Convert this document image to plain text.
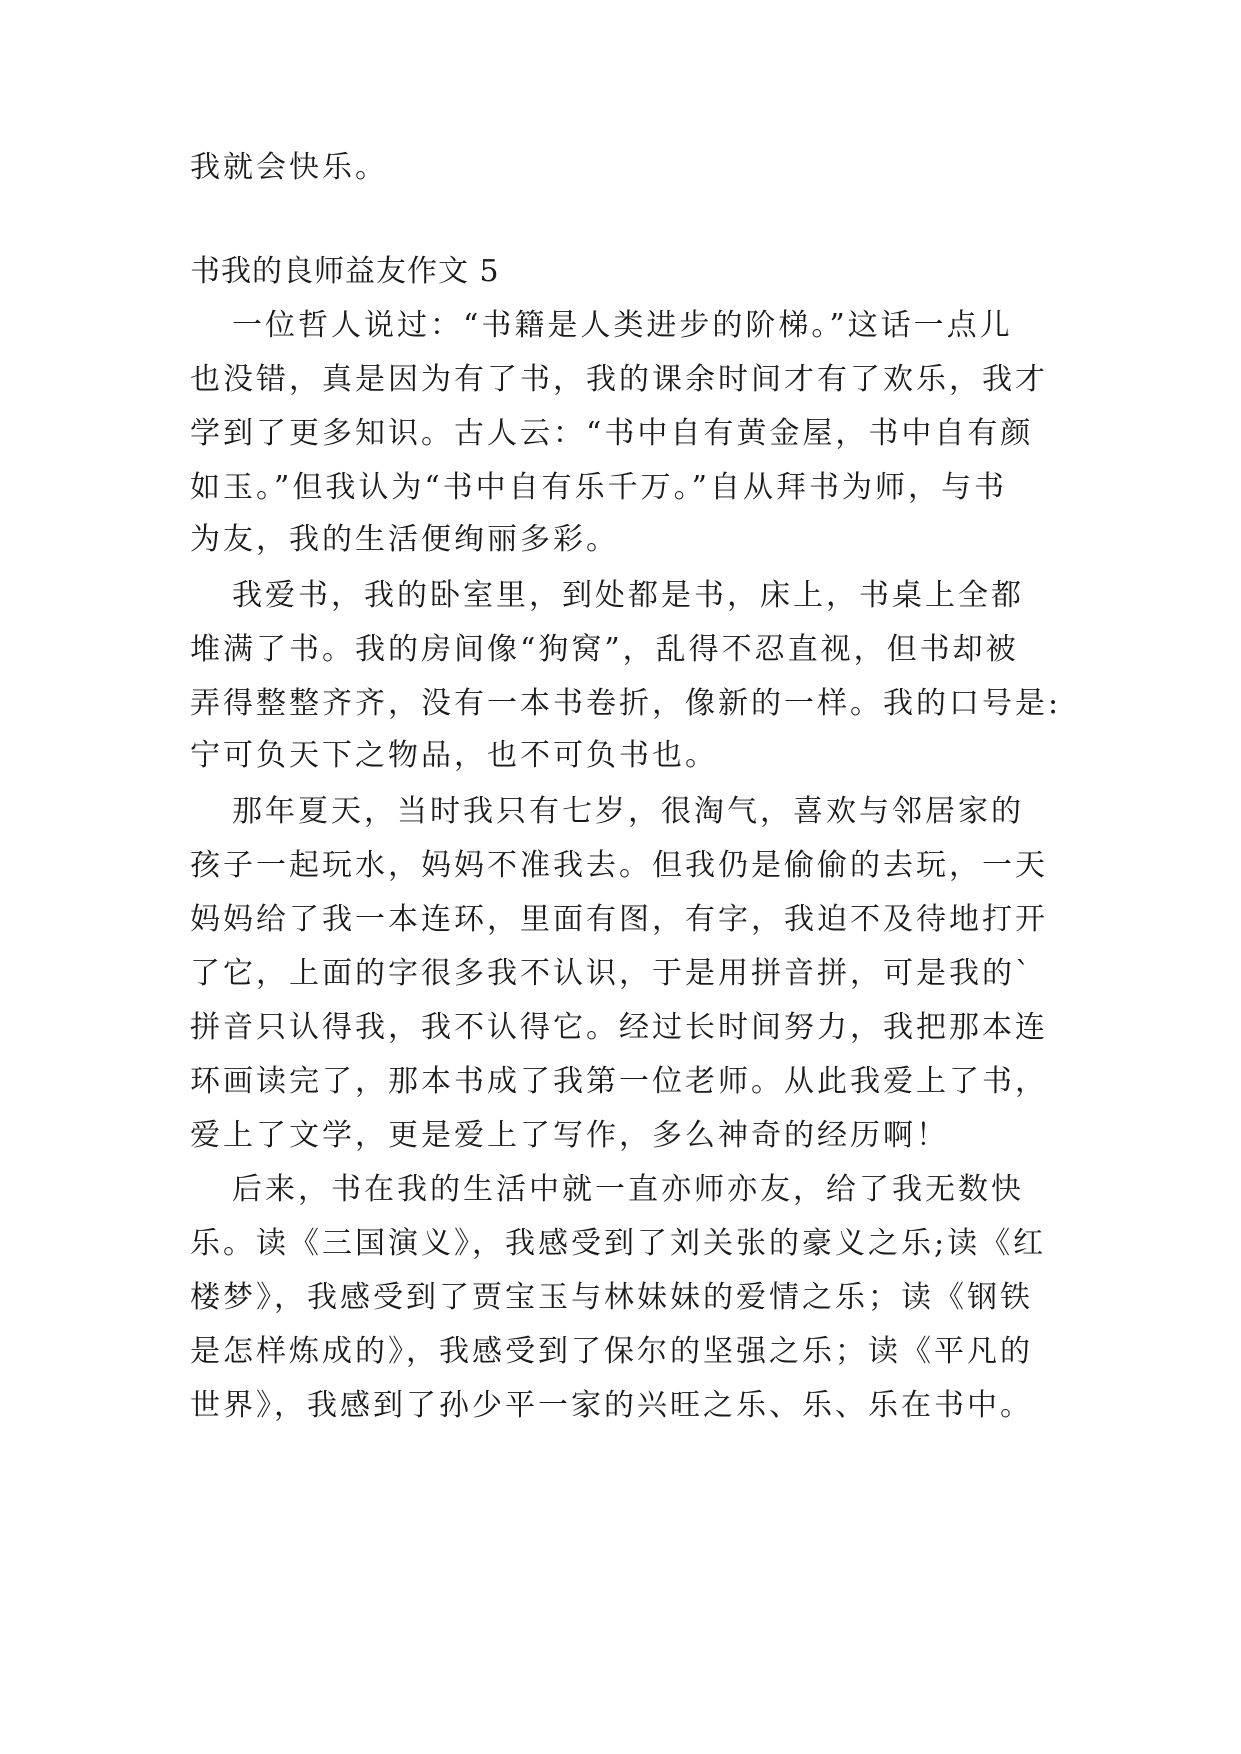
我就会快乐。
书我的良师益友作文 5
一位哲人说过：“书籍是人类进步的阶梯。”这话一点儿
也没错，真是因为有了书，我的课余时间才有了欢乐，我才
学到了更多知识。古人云：“书中自有黄金屋，书中自有颜
如玉。”但我认为“书中自有乐千万。”自从拜书为师，与书
为友，我的生活便绚丽多彩。
我爱书，我的卧室里，到处都是书，床上，书桌上全都
堆满了书。我的房间像“狗窝”，乱得不忍直视，但书却被
弄得整整齐齐，没有一本书卷折，像新的一样。我的口号是:
宁可负天下之物品，也不可负书也。
那年夏天，当时我只有七岁，很淘气，喜欢与邻居家的
孩子一起玩水，妈妈不准我去。但我仍是偷偷的去玩，一天
妈妈给了我一本连环，里面有图，有字，我迫不及待地打开
了它，上面的字很多我不认识，于是用拼音拼，可是我的`
拼音只认得我，我不认得它。经过长时间努力，我把那本连
环画读完了，那本书成了我第一位老师。从此我爱上了书，
爱上了文学，更是爱上了写作，多么神奇的经历啊！
后来，书在我的生活中就一直亦师亦友，给了我无数快
乐。读《三国演义》，我感受到了刘关张的豪义之乐;读《红
楼梦》，我感受到了贾宝玉与林妹妹的爱情之乐；读《钢铁
是怎样炼成的》，我感受到了保尔的坚强之乐；读《平凡的
世界》，我感到了孙少平一家的兴旺之乐、乐、乐在书中。
